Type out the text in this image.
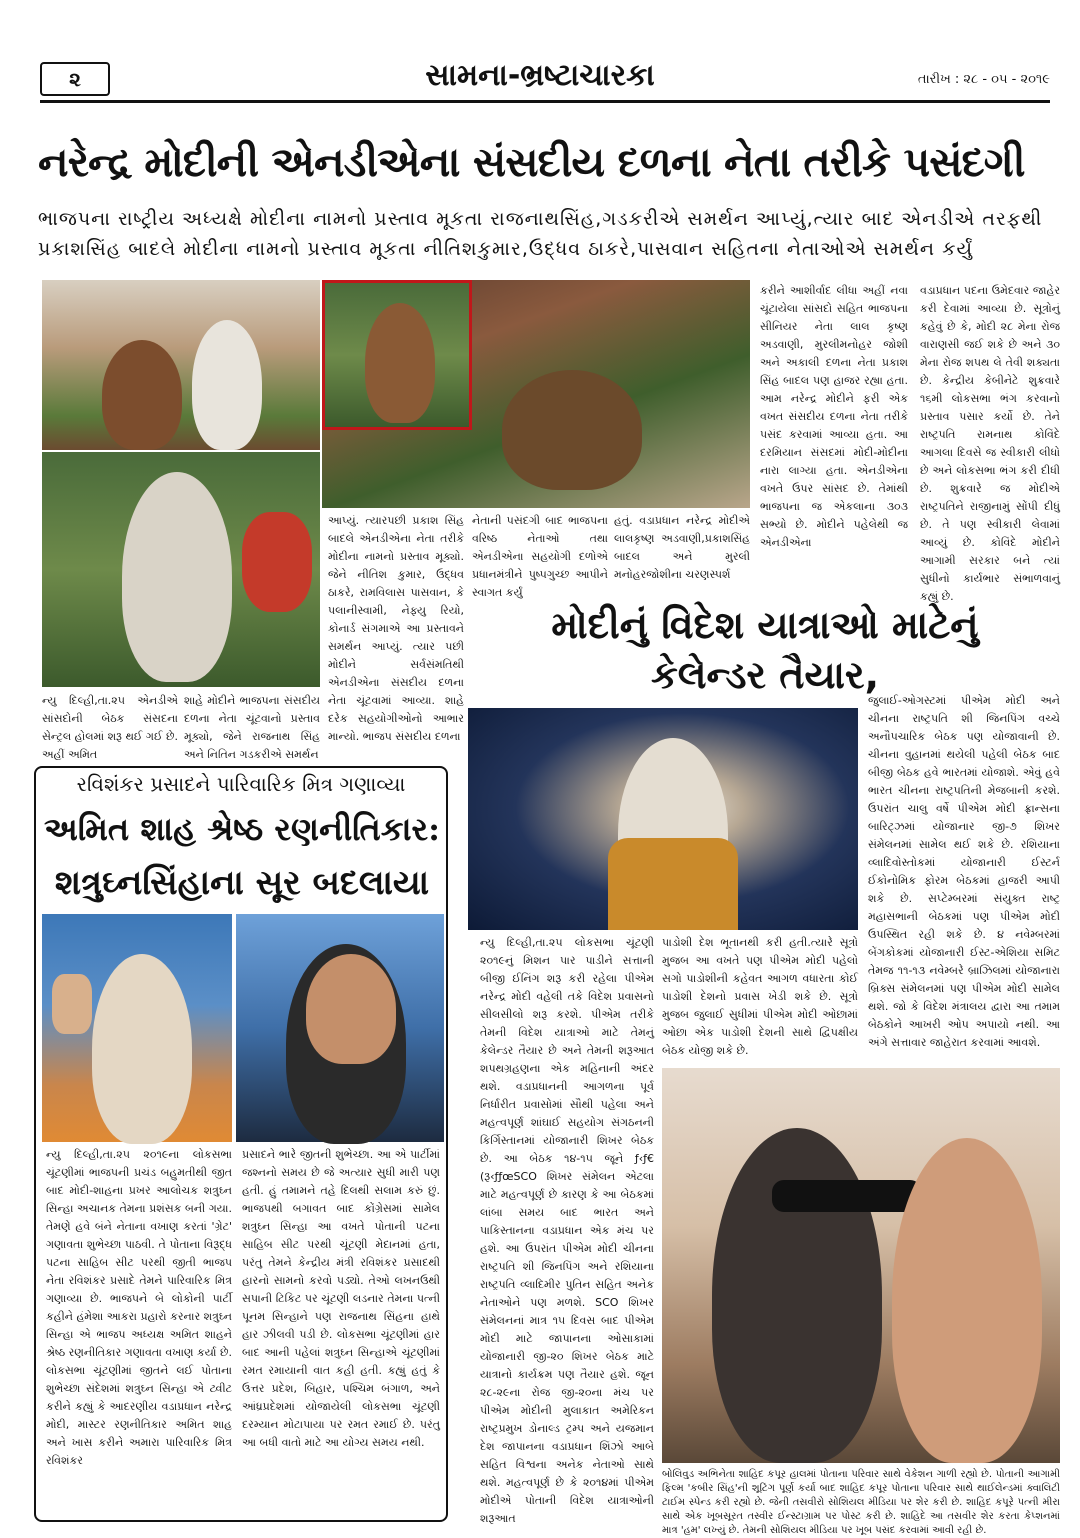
૨	સામના-ભ્રષ્ટાચારકા	તારીખ : ૨૮ - ૦૫ - ૨૦૧૯
નરેન્દ્ર મોદીની એનડીએના સંસદીય દળના નેતા તરીકે પસંદગી
ભાજપના રાષ્ટ્રીય અધ્યક્ષે મોદીના નામનો પ્રસ્તાવ મૂકતા રાજનાથસિંહ,ગડકરીએ સમર્થન આપ્યું,ત્યાર બાદ એનડીએ તરફથી
પ્રકાશસિંહ બાદલે મોદીના નામનો પ્રસ્તાવ મૂકતા નીતિશકુમાર,ઉદ્ધવ ઠાકરે,પાસવાન સહિતના નેતાઓએ સમર્થન કર્યું
ન્યુ દિલ્હી,તા.૨૫ એનડીએ સાંસદોની બેઠક સંસદના સેન્ટ્રલ હોલમાં શરૂ થઈ ગઈ છે. અહીં અમિત
શાહે મોદીને ભાજપના સંસદીય દળના નેતા ચૂંટવાનો પ્રસ્તાવ મૂક્યો, જેને રાજનાથ સિંહ અને નિતિન ગડકરીએ સમર્થન
આપ્યું. ત્યારપછી પ્રકાશ સિંહ બાદલે એનડીએના નેતા તરીકે મોદીના નામનો પ્રસ્તાવ મૂક્યો. જેને નીતિશ કુમાર, ઉદ્ધવ ઠાકરે, રામવિલાસ પાસવાન, કે પલાનીસ્વામી, નેફ્યુ રિયો, કોનાર્ડ સંગમાએ આ પ્રસ્તાવને સમર્થન આપ્યું. ત્યાર પછી મોદીને સર્વસંમતિથી એનડીએના સંસદીય દળના નેતા ચૂંટવામાં આવ્યા. શાહે દરેક સહયોગીઓનો આભાર માન્યો. ભાજપ સંસદીય દળના
નેતાની પસંદગી બાદ ભાજપના વરિષ્ઠ નેતાઓ તથા એનડીએના સહયોગી દળોએ પ્રધાનમંત્રીને પુષ્પગુચ્છ આપીને સ્વાગત કર્યું
હતું. વડાપ્રધાન નરેન્દ્ર મોદીએ લાલકૃષ્ણ અડવાણી,પ્રકાશસિંહ બાદલ અને મુરલી મનોહરજોશીના ચરણસ્પર્શ
કરીને આશીર્વાદ લીધા અહીં નવા ચૂંટાયેલા સાંસદો સહિત ભાજપના સીનિયર નેતા લાલ કૃષ્ણ અડવાણી, મુરલીમનોહર જોશી અને અકાલી દળના નેતા પ્રકાશ સિંહ બાદલ પણ હાજર રહ્યા હતા. આમ નરેન્દ્ર મોદીને ફરી એક વખત સંસદીય દળના નેતા તરીકે પસંદ કરવામાં આવ્યા હતા. આ દરમિયાન સંસદમાં મોદી-મોદીના નારા લાગ્યા હતા. એનડીએના વખતે ઉપર સાંસદ છે. તેમાંથી ભાજપના જ એકલાના ૩૦૩ સભ્યો છે. મોદીને પહેલેથી જ એનડીએના
વડાપ્રધાન પદના ઉમેદવાર જાહેર કરી દેવામાં આવ્યા છે. સૂત્રોનું કહેવું છે કે, મોદી ૨૮ મેના રોજ વારાણસી જઈ શકે છે અને ૩૦ મેના રોજ શપથ લે તેવી શક્યતા છે. કેન્દ્રીય કેબીનેટે શુક્રવારે ૧૬મી લોકસભા ભંગ કરવાનો પ્રસ્તાવ પસાર કર્યો છે. તેને રાષ્ટ્રપતિ રામનાથ કોવિંદે આગલા દિવસે જ સ્વીકારી લીધો છે અને લોકસભા ભંગ કરી દીધી છે. શુક્રવારે જ મોદીએ રાષ્ટ્રપતિને રાજીનામું સોંપી દીધું છે. તે પણ સ્વીકારી લેવામાં આવ્યું છે. કોવિંદે મોદીને આગામી સરકાર બને ત્યાં સુધીનો કાર્યભાર સંભાળવાનું કહ્યું છે.
મોદીનું વિદેશ યાત્રાઓ માટેનું
કેલેન્ડર તૈયાર,
જુલાઈ-ઓગસ્ટમાં પીએમ મોદી અને ચીનના રાષ્ટ્રપતિ શી જિનપિંગ વચ્ચે અનૌપચારિક બેઠક પણ યોજાવાની છે. ચીનના વુહાનમાં થયેલી પહેલી બેઠક બાદ બીજી બેઠક હવે ભારતમાં યોજાશે. એવું હવે ભારત ચીનના રાષ્ટ્રપતિની મેજબાની કરશે. ઉપરાંત ચાલુ વર્ષે પીએમ મોદી ફ્રાન્સના બારિટ્ઝમાં યોજાનાર જી-૭ શિખર સંમેલનમાં સામેલ થઈ શકે છે. રશિયાના વ્લાદિવોસ્તોકમાં યોજાનારી ઈસ્ટર્ન ઈકોનોમિક ફોરમ બેઠકમાં હાજરી આપી શકે છે. સપ્ટેમ્બરમાં સંયુક્ત રાષ્ટ્ર મહાસભાની બેઠકમાં પણ પીએમ મોદી ઉપસ્થિત રહી શકે છે. ૪ નવેમ્બરમાં બેંગકોકમાં યોજાનારી ઈસ્ટ-એશિયા સમિટ તેમજ ૧૧-૧૩ નવેમ્બરે બ્રાઝિલમાં યોજાનારા બ્રિક્સ સંમેલનમાં પણ પીએમ મોદી સામેલ થશે. જો કે વિદેશ મંત્રાલય દ્વારા આ તમામ બેઠકોને આખરી ઓપ અપાયો નથી. આ અંગે સત્તાવાર જાહેરાત કરવામાં આવશે.
ન્યુ દિલ્હી,તા.૨૫ લોકસભા ચૂંટણી ૨૦૧૯નું મિશન પાર પાડીને સત્તાની બીજી ઈનિંગ શરૂ કરી રહેલા પીએમ નરેન્દ્ર મોદી વહેલી તકે વિદેશ પ્રવાસનો સીલસીલો શરૂ કરશે. પીએમ તરીકે તેમની વિદેશ યાત્રાઓ માટે તેમનું કેલેન્ડર તૈયાર છે અને તેમની શરૂઆત શપથગ્રહણના એક મહિનાની અંદર થશે. વડાપ્રધાનની આગળના પૂર્વ નિર્ધારીત પ્રવાસોમાં સૌથી પહેલા અને મહત્વપૂર્ણ શાંઘાઈ સહયોગ સંગઠનની કિર્ગિસ્તાનમાં યોજાનારી શિખર બેઠક છે. આ બેઠક ૧૪-૧૫ જૂને ƒ‹ƒ€(રૂ‹ƒƒœSCO શિખર સંમેલન એટલા માટે મહત્વપૂર્ણ છે કારણ કે આ બેઠકમાં લાંબા સમય બાદ ભારત અને પાકિસ્તાનના વડાપ્રધાન એક મંચ પર હશે. આ ઉપરાંત પીએમ મોદી ચીનના રાષ્ટ્રપતિ શી જિનપિંગ અને રશિયાના રાષ્ટ્રપતિ વ્લાદિમીર પુતિન સહિત અનેક નેતાઓને પણ મળશે. SCO શિખર સંમેલનનાં માત્ર ૧૫ દિવસ બાદ પીએમ મોદી માટે જાપાનના ઓસાકામાં યોજાનારી જી-૨૦ શિખર બેઠક માટે યાત્રાનો કાર્યક્રમ પણ તૈયાર હશે. જૂન ૨૮-૨૯ના રોજ જી-૨૦ના મંચ પર પીએમ મોદીની મુલાકાત અમેરિકન રાષ્ટ્રપ્રમુખ ડોનાલ્ડ ટ્રમ્પ અને યજમાન દેશ જાપાનના વડાપ્રધાન શિંઝો આબે સહિત વિશ્વના અનેક નેતાઓ સાથે થશે. મહત્વપૂર્ણ છે કે ૨૦૧૪માં પીએમ મોદીએ પોતાની વિદેશ યાત્રાઓની શરૂઆત
પાડોશી દેશ ભૂતાનથી કરી હતી.ત્યારે સૂત્રો મુજબ આ વખતે પણ પીએમ મોદી પહેલો સગો પાડોશીની કહેવત આગળ વધારતા કોઈ પાડોશી દેશનો પ્રવાસ ખેડી શકે છે. સૂત્રો મુજબ જુલાઈ સુધીમાં પીએમ મોદી ઓછામાં ઓછા એક પાડોશી દેશની સાથે દ્વિપક્ષીય બેઠક યોજી શકે છે.
બોલિવુડ અભિનેતા શાહિદ કપૂર હાલમાં પોતાના પરિવાર સાથે વેકેશન ગાળી રહ્યો છે. પોતાની આગામી ફિલ્મ 'કબીર સિંહ'ની શૂટિંગ પૂર્ણ કર્યા બાદ શાહિદ કપૂર પોતાના પરિવાર સાથે થાઈલેન્ડમાં ક્વાલિટી ટાઈમ સ્પેન્ડ કરી રહ્યો છે. જેની તસવીરો સોશિયલ મીડિયા પર શેર કરી છે. શાહિદ કપૂરે પત્ની મીરા સાથે એક ખૂબસૂરત તસ્વીર ઈન્સ્ટાગ્રામ પર પોસ્ટ કરી છે. શાહિદે આ તસવીર શેર કરતા કેપ્શનમાં માત્ર 'હમ' લખ્યું છે. તેમની સોશિયલ મીડિયા પર ખૂબ પસંદ કરવામાં આવી રહી છે.
રવિશંકર પ્રસાદને પારિવારિક મિત્ર ગણાવ્યા
અમિત શાહ શ્રેષ્ઠ રણનીતિકાર:
શત્રુઘ્નસિંહાના સૂર બદલાયા
ન્યુ દિલ્હી,તા.૨૫ ૨૦૧૯ના લોકસભા ચૂંટણીમાં ભાજપની પ્રચંડ બહુમતીથી જીત બાદ મોદી-શાહના પ્રખર આલોચક શત્રુઘ્ન સિન્હા અચાનક તેમના પ્રશંસક બની ગયા. તેમણે હવે બંને નેતાના વખાણ કરતાં 'ગ્રેટ' ગણાવતા શુભેચ્છા પાઠવી. તે પોતાના વિરૂદ્ધ પટના સાહિબ સીટ પરથી જીતી ભાજપ નેતા રવિશંકર પ્રસાદે તેમને પારિવારિક મિત્ર ગણાવ્યા છે. ભાજપને બે લોકોની પાર્ટી કહીને હંમેશા આકરા પ્રહારો કરનાર શત્રુઘ્ન સિન્હા એ ભાજપ અધ્યક્ષ અમિત શાહને શ્રેષ્ઠ રણનીતિકાર ગણાવતા વખાણ કર્યા છે. લોકસભા ચૂંટણીમાં જીતને લઈ પોતાના શુભેચ્છા સંદેશમાં શત્રુઘ્ન સિન્હા એ ટ્વીટ કરીને કહ્યું કે આદરણીય વડાપ્રધાન નરેન્દ્ર મોદી, માસ્ટર રણનીતિકાર અમિત શાહ અને ખાસ કરીને અમારા પારિવારિક મિત્ર રવિશંકર
પ્રસાદને ભારે જીતની શુભેચ્છા. આ એ પાર્ટીમાં જશ્નનો સમય છે જે અત્યાર સુધી મારી પણ હતી. હું તમામને તહે દિલથી સલામ કરું છું. ભાજપથી બગાવત બાદ કોંગ્રેસમાં સામેલ શત્રુઘ્ન સિન્હા આ વખતે પોતાની પટના સાહિબ સીટ પરથી ચૂંટણી મેદાનમાં હતા, પરંતુ તેમને કેન્દ્રીય મંત્રી રવિશંકર પ્રસાદથી હારનો સામનો કરવો પડ્યો. તેઓ લખનઉથી સપાની ટિકિટ પર ચૂંટણી લડનાર તેમના પત્ની પૂનમ સિન્હાને પણ રાજનાથ સિંહના હાથે હાર ઝીલવી પડી છે. લોકસભા ચૂંટણીમાં હાર બાદ આની પહેલાં શત્રુઘ્ન સિન્હાએ ચૂંટણીમાં રમત રમાયાની વાત કહી હતી. કહ્યું હતું કે ઉત્તર પ્રદેશ, બિહાર, પશ્ચિમ બંગાળ, અને આંધ્રપ્રદેશમાં યોજાયેલી લોકસભા ચૂંટણી દરમ્યાન મોટાપાયા પર રમત રમાઈ છે. પરંતુ આ બધી વાતો માટે આ યોગ્ય સમય નથી.
